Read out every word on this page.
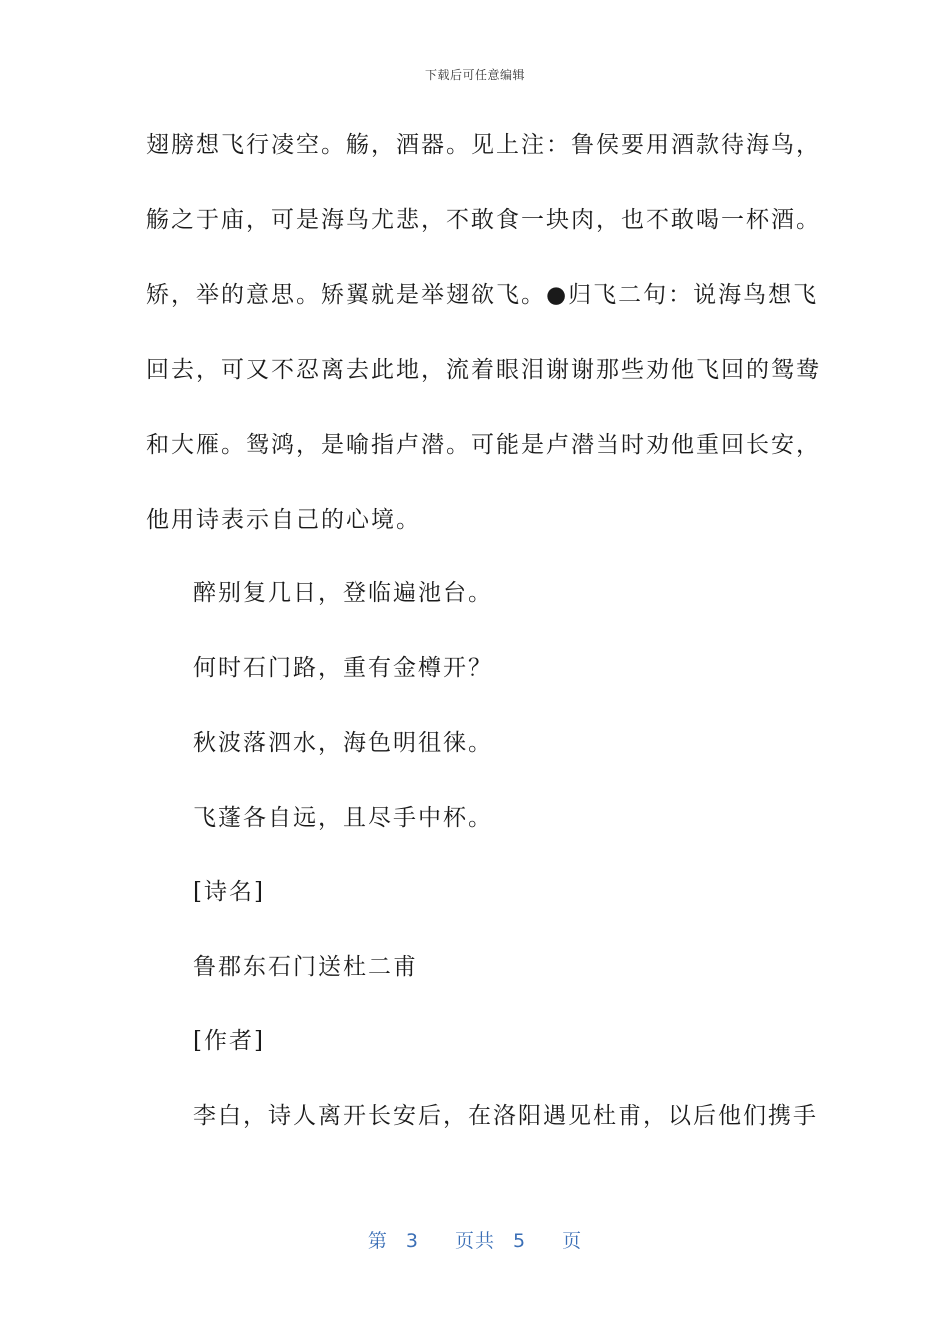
下载后可任意编辑
翅膀想飞行凌空。觞，酒器。见上注：鲁侯要用酒款待海鸟，
觞之于庙，可是海鸟尤悲，不敢食一块肉，也不敢喝一杯酒。
矫，举的意思。矫翼就是举翅欲飞。●归飞二句：说海鸟想飞
回去，可又不忍离去此地，流着眼泪谢谢那些劝他飞回的鸳鸯
和大雁。鸳鸿，是喻指卢潜。可能是卢潜当时劝他重回长安，
他用诗表示自己的心境。
醉别复几日，登临遍池台。
何时石门路，重有金樽开？
秋波落泗水，海色明徂徕。
飞蓬各自远，且尽手中杯。
[诗名]
鲁郡东石门送杜二甫
[作者]
李白，诗人离开长安后，在洛阳遇见杜甫，以后他们携手
第 3 页共 5 页
